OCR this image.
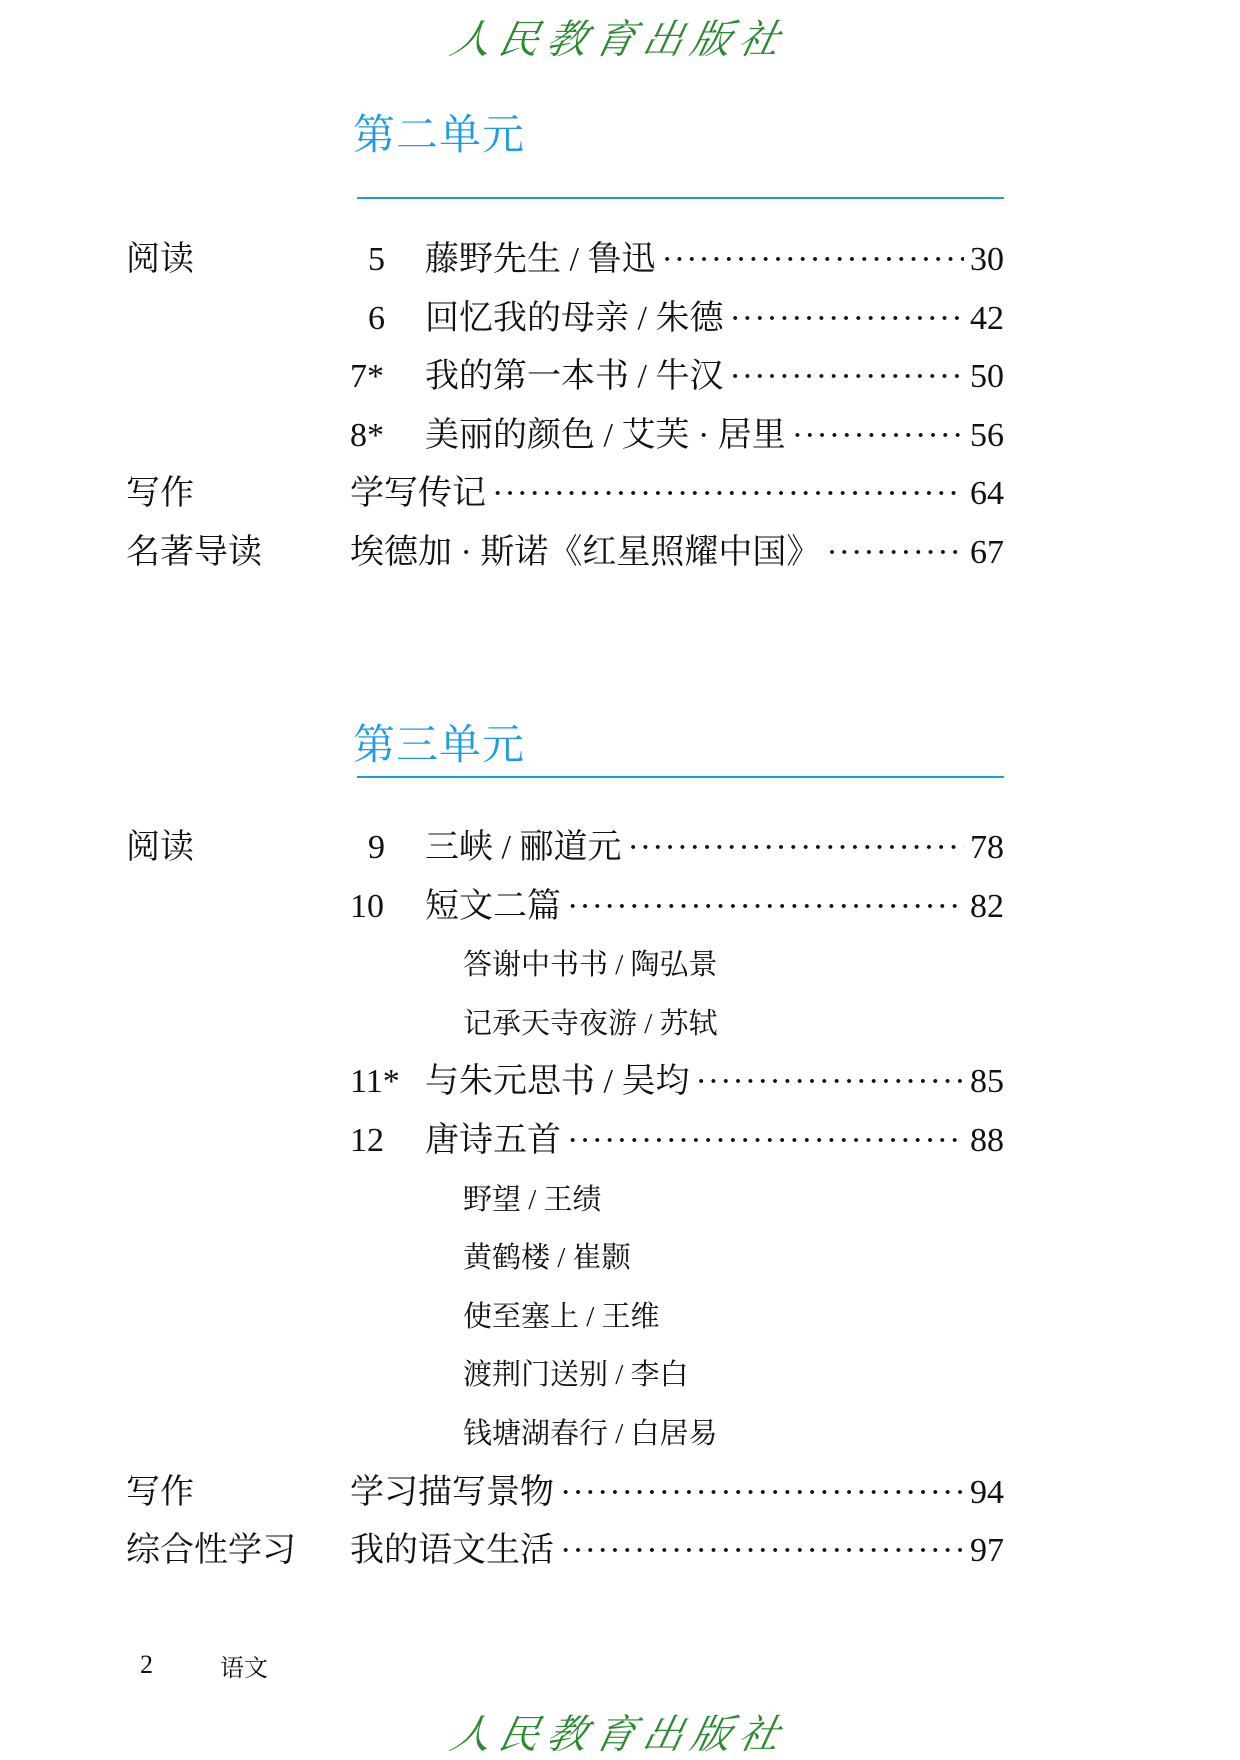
人民教育出版社
第二单元
阅读	5 藤野先生 / 鲁迅 ·····	30
6 回忆我的母亲 / 朱德 ·····	42
7* 我的第一本书 / 牛汉 ·····	50
8* 美丽的颜色 / 艾芙 · 居里 ·····	56
写作	学写传记 ·····	64
名著导读	埃德加 · 斯诺《红星照耀中国》 ·····	67
第三单元
阅读	9 三峡 / 郦道元 ·····	78
10 短文二篇 ·····	82
答谢中书书 / 陶弘景
记承天寺夜游 / 苏轼
11* 与朱元思书 / 吴均 ·····	85
12 唐诗五首 ·····	88
野望 / 王绩
黄鹤楼 / 崔颢
使至塞上 / 王维
渡荆门送别 / 李白
钱塘湖春行 / 白居易
写作	学习描写景物 ·····	94
综合性学习 我的语文生活 ·····	97
2	语文
人民教育出版社
